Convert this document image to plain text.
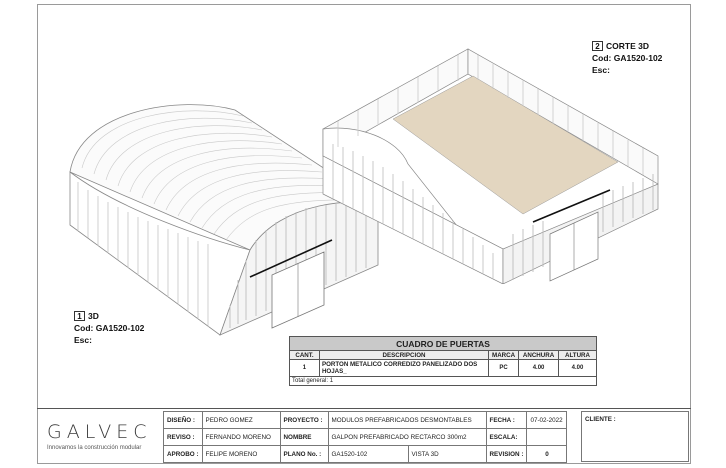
1 3D
Cod: GA1520-102
Esc:
2 CORTE 3D
Cod: GA1520-102
Esc:
CUADRO DE PUERTAS				
CANT.	DESCRIPCION	MARCA	ANCHURA	ALTURA
1	PORTON METALICO CORREDIZO PANELIZADO DOS HOJAS_	PC	4.00	4.00
Total general: 1				
GALVEC
Innovamos la construcción modular
DISEÑO :	PEDRO GOMEZ	PROYECTO :	MODULOS PREFABRICADOS DESMONTABLES		FECHA :	07-02-2022
REVISO :	FERNANDO MORENO	NOMBRE	GALPON PREFABRICADO RECTARCO 300m2		ESCALA:	
APROBO :	FELIPE MORENO	PLANO No. :	GA1520-102	VISTA 3D	REVISION :	0
CLIENTE :
